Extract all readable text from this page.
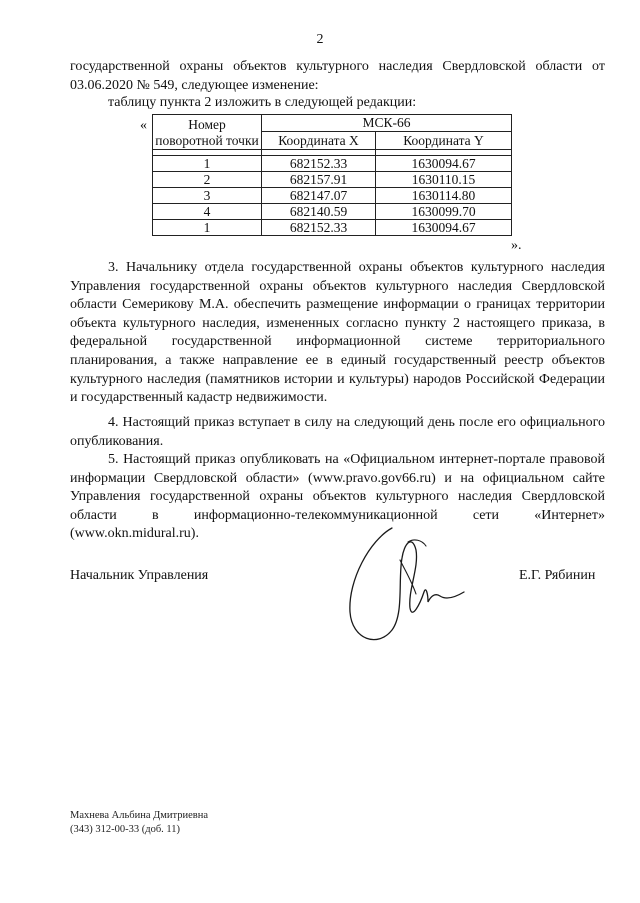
2
государственной охраны объектов культурного наследия Свердловской области от 03.06.2020 № 549, следующее изменение:
таблицу пункта 2 изложить в следующей редакции:
«	Номер поворотной точки	МСК-66	
	Координата X	Координата Y

1	682152.33	1630094.67
2	682157.91	1630110.15
3	682147.07	1630114.80
4	682140.59	1630099.70
1	682152.33	1630094.67
».
3. Начальнику отдела государственной охраны объектов культурного наследия Управления государственной охраны объектов культурного наследия Свердловской области Семерикову М.А. обеспечить размещение информации о границах территории объекта культурного наследия, измененных согласно пункту 2 настоящего приказа, в федеральной государственной информационной системе территориального планирования, а также направление ее в единый государственный реестр объектов культурного наследия (памятников истории и культуры) народов Российской Федерации и государственный кадастр недвижимости.
4. Настоящий приказ вступает в силу на следующий день после его официального опубликования.
5. Настоящий приказ опубликовать на «Официальном интернет-портале правовой информации Свердловской области» (www.pravo.gov66.ru) и на официальном сайте Управления государственной охраны объектов культурного наследия Свердловской области в информационно-телекоммуникационной сети «Интернет» (www.okn.midural.ru).
Начальник Управления	Е.Г. Рябинин
Махнева Альбина Дмитриевна
(343) 312-00-33 (доб. 11)
